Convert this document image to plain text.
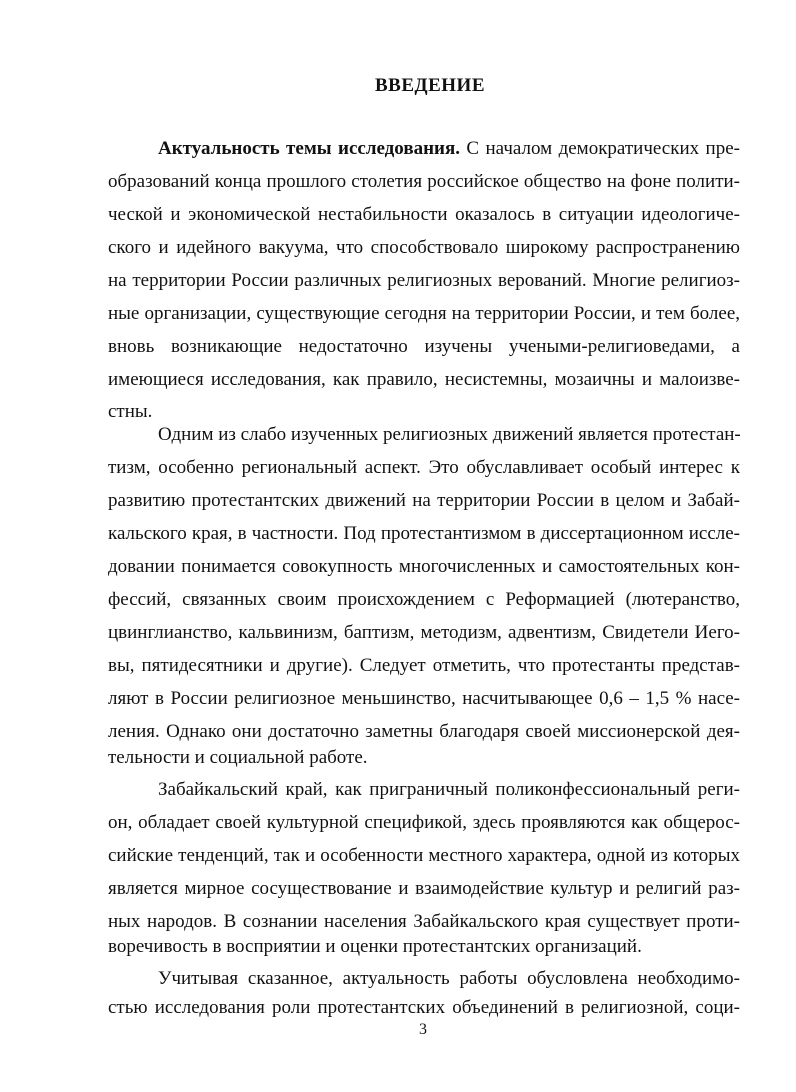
ВВЕДЕНИЕ
Актуальность темы исследования. С началом демократических пре-
образований конца прошлого столетия российское общество на фоне полити-
ческой и экономической нестабильности оказалось в ситуации идеологиче-
ского и идейного вакуума, что способствовало широкому распространению
на территории России различных религиозных верований. Многие религиоз-
ные организации, существующие сегодня на территории России, и тем более,
вновь возникающие недостаточно изучены учеными-религиоведами, а
имеющиеся исследования, как правило, несистемны, мозаичны и малоизве-
стны.
Одним из слабо изученных религиозных движений является протестан-
тизм, особенно региональный аспект. Это обуславливает особый интерес к
развитию протестантских движений на территории России в целом и Забай-
кальского края, в частности. Под протестантизмом в диссертационном иссле-
довании понимается совокупность многочисленных и самостоятельных кон-
фессий, связанных своим происхождением с Реформацией (лютеранство,
цвинглианство, кальвинизм, баптизм, методизм, адвентизм, Свидетели Иего-
вы, пятидесятники и другие). Следует отметить, что протестанты представ-
ляют в России религиозное меньшинство, насчитывающее 0,6 – 1,5 % насе-
ления. Однако они достаточно заметны благодаря своей миссионерской дея-
тельности и социальной работе.
Забайкальский край, как приграничный поликонфессиональный реги-
он, обладает своей культурной спецификой, здесь проявляются как общерос-
сийские тенденций, так и особенности местного характера, одной из которых
является мирное сосуществование и взаимодействие культур и религий раз-
ных народов. В сознании населения Забайкальского края существует проти-
воречивость в восприятии и оценки протестантских организаций.
Учитывая сказанное, актуальность работы обусловлена необходимо-
стью исследования роли протестантских объединений в религиозной, соци-
3
